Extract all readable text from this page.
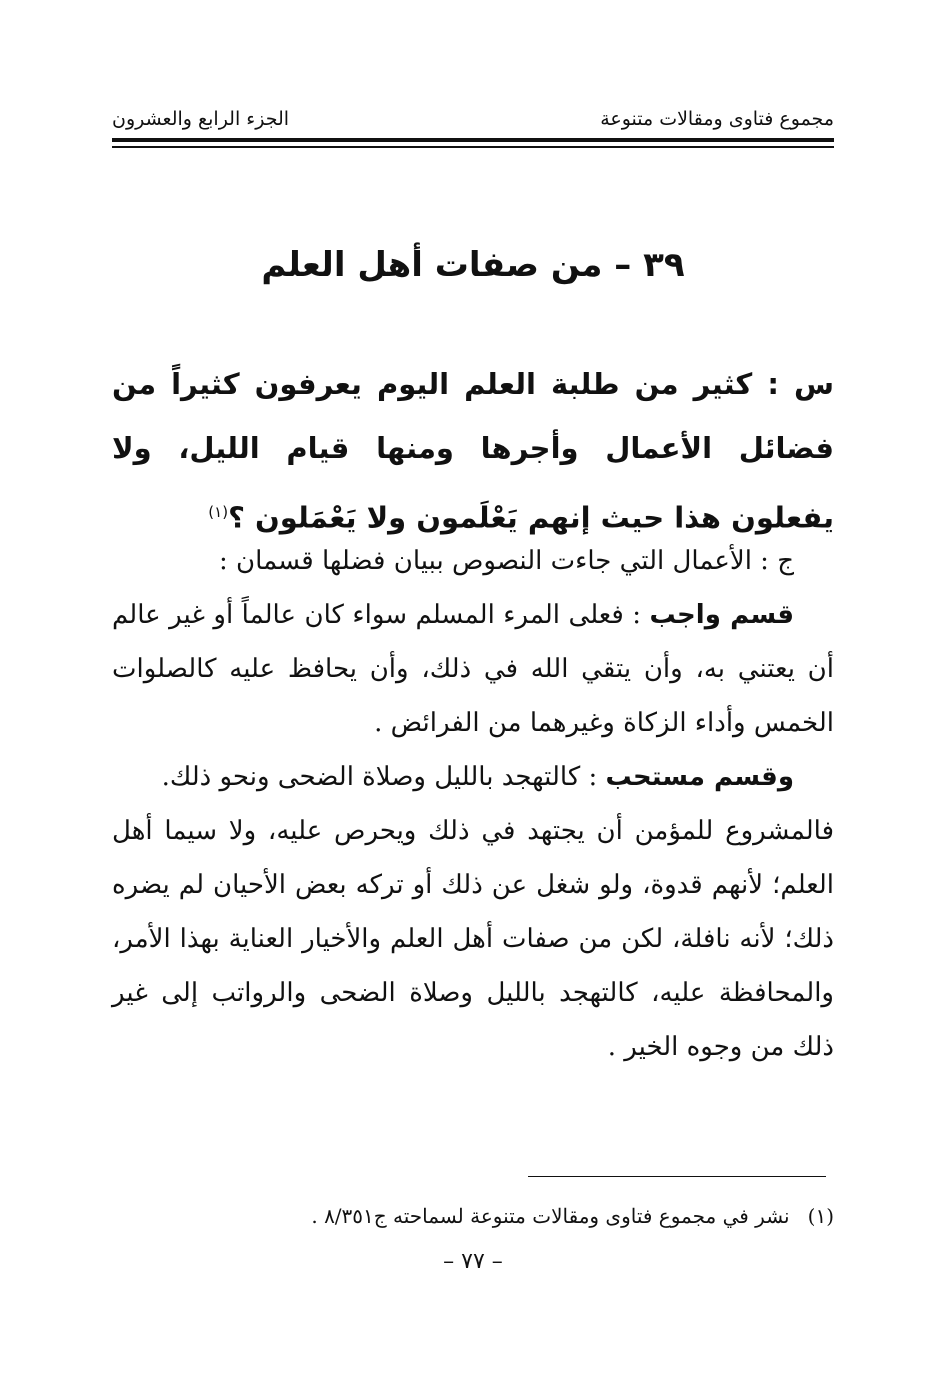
مجموع فتاوى ومقالات متنوعة
الجزء الرابع والعشرون
٣٩ – من صفات أهل العلم
س : كثير من طلبة العلم اليوم يعرفون كثيراً من فضائل الأعمال وأجرها ومنها قيام الليل، ولا يفعلون هذا حيث إنهم يَعْلَمون ولا يَعْمَلون ؟$^{(١)}$

ج : الأعمال التي جاءت النصوص ببيان فضلها قسمان :

قسم واجب : فعلى المرء المسلم سواء كان عالماً أو غير عالم أن يعتني به، وأن يتقي الله في ذلك، وأن يحافظ عليه كالصلوات الخمس وأداء الزكاة وغيرهما من الفرائض .

وقسم مستحب : كالتهجد بالليل وصلاة الضحى ونحو ذلك.

فالمشروع للمؤمن أن يجتهد في ذلك ويحرص عليه، ولا سيما أهل العلم؛ لأنهم قدوة، ولو شغل عن ذلك أو تركه بعض الأحيان لم يضره ذلك؛ لأنه نافلة، لكن من صفات أهل العلم والأخيار العناية بهذا الأمر، والمحافظة عليه، كالتهجد بالليل وصلاة الضحى والرواتب إلى غير ذلك من وجوه الخير .

(١)نشر في مجموع فتاوى ومقالات متنوعة لسماحته ج٨/٣٥١ .
– ٧٧ –
